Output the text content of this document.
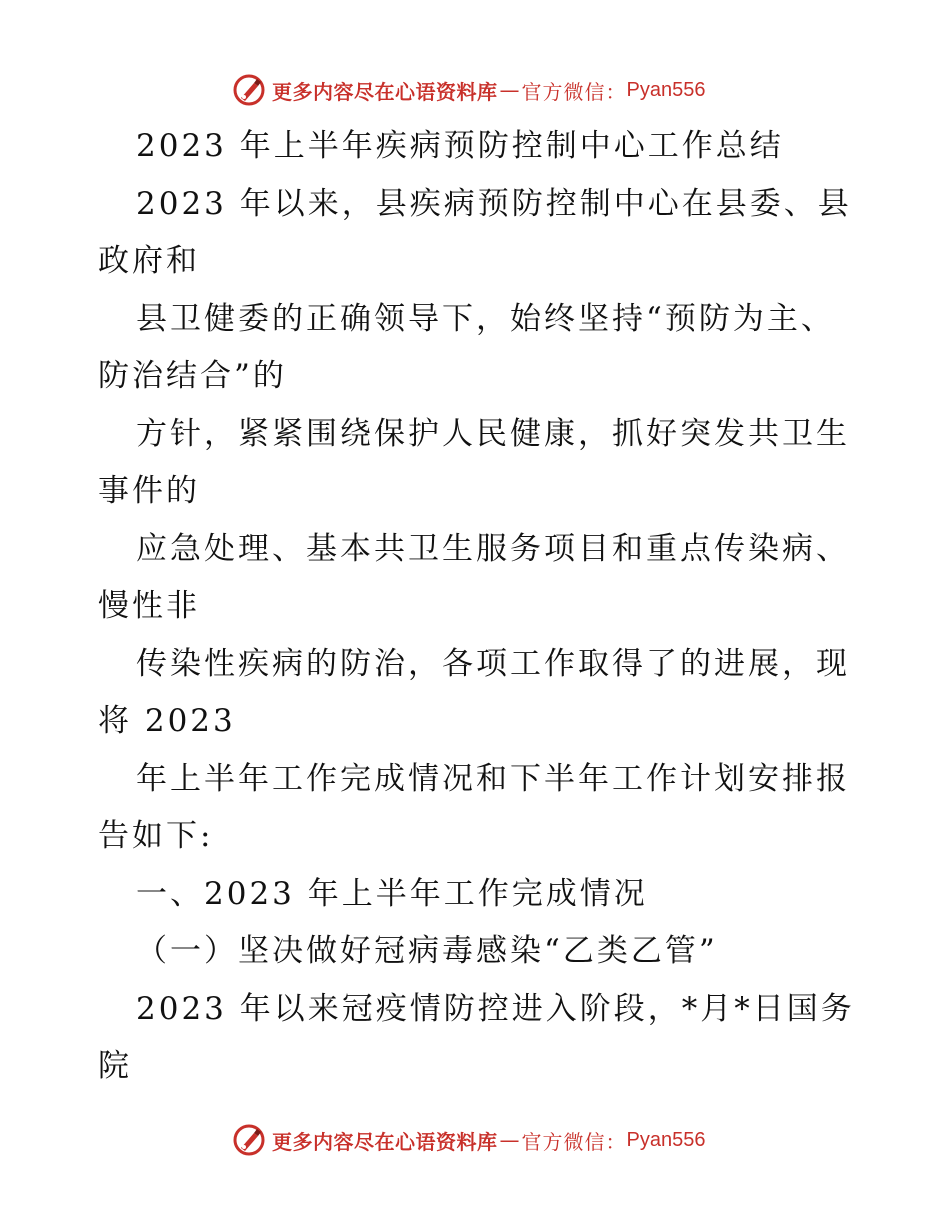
更多内容尽在心语资料库 — 官方微信： Pyan556
2023 年上半年疾病预防控制中心工作总结
2023 年以来，县疾病预防控制中心在县委、县
政府和
县卫健委的正确领导下，始终坚持“预防为主、
防治结合”的
方针，紧紧围绕保护人民健康，抓好突发共卫生
事件的
应急处理、基本共卫生服务项目和重点传染病、
慢性非
传染性疾病的防治，各项工作取得了的进展，现
将 2023
年上半年工作完成情况和下半年工作计划安排报
告如下:
一、2023 年上半年工作完成情况
（一）坚决做好冠病毒感染“乙类乙管”
2023 年以来冠疫情防控进入阶段，*月*日国务
院
更多内容尽在心语资料库 — 官方微信： Pyan556
